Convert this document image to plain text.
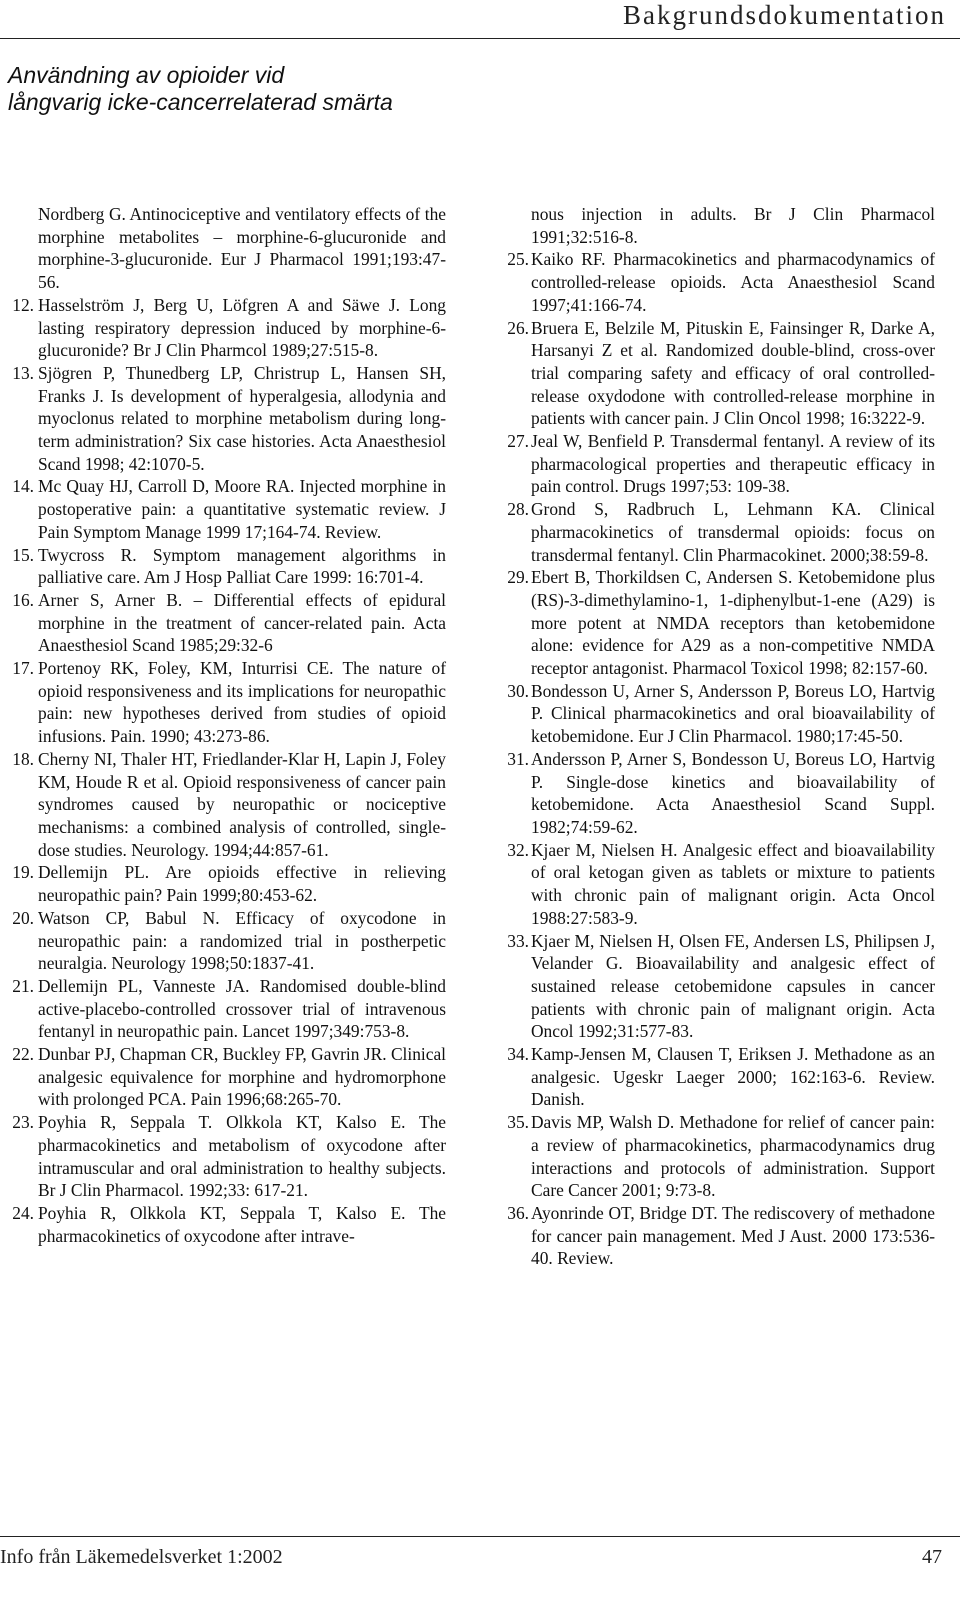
Bakgrundsdokumentation
Användning av opioider vid
långvarig icke-cancerrelaterad smärta
Nordberg G. Antinociceptive and ventilatory effects of the morphine metabolites – morphine-6-glucuronide and morphine-3-glucuronide. Eur J Pharmacol 1991;193:47-56.
12. Hasselström J, Berg U, Löfgren A and Säwe J. Long lasting respiratory depression induced by morphine-6-glucuronide? Br J Clin Pharmcol 1989;27:515-8.
13. Sjögren P, Thunedberg LP, Christrup L, Hansen SH, Franks J. Is development of hyperalgesia, allodynia and myoclonus related to morphine metabolism during long-term administration? Six case histories. Acta Anaesthesiol Scand 1998; 42:1070-5.
14. Mc Quay HJ, Carroll D, Moore RA. Injected morphine in postoperative pain: a quantitative systematic review. J Pain Symptom Manage 1999 17;164-74. Review.
15. Twycross R. Symptom management algorithms in palliative care. Am J Hosp Palliat Care 1999: 16:701-4.
16. Arner S, Arner B. – Differential effects of epidural morphine in the treatment of cancer-related pain. Acta Anaesthesiol Scand 1985;29:32-6
17. Portenoy RK, Foley, KM, Inturrisi CE. The nature of opioid responsiveness and its implications for neuropathic pain: new hypotheses derived from studies of opioid infusions. Pain. 1990; 43:273-86.
18. Cherny NI, Thaler HT, Friedlander-Klar H, Lapin J, Foley KM, Houde R et al. Opioid responsiveness of cancer pain syndromes caused by neuropathic or nociceptive mechanisms: a combined analysis of controlled, single-dose studies. Neurology. 1994;44:857-61.
19. Dellemijn PL. Are opioids effective in relieving neuropathic pain? Pain 1999;80:453-62.
20. Watson CP, Babul N. Efficacy of oxycodone in neuropathic pain: a randomized trial in postherpetic neuralgia. Neurology 1998;50:1837-41.
21. Dellemijn PL, Vanneste JA. Randomised double-blind active-placebo-controlled crossover trial of intravenous fentanyl in neuropathic pain. Lancet 1997;349:753-8.
22. Dunbar PJ, Chapman CR, Buckley FP, Gavrin JR. Clinical analgesic equivalence for morphine and hydromorphone with prolonged PCA. Pain 1996;68:265-70.
23. Poyhia R, Seppala T. Olkkola KT, Kalso E. The pharmacokinetics and metabolism of oxycodone after intramuscular and oral administration to healthy subjects. Br J Clin Pharmacol. 1992;33: 617-21.
24. Poyhia R, Olkkola KT, Seppala T, Kalso E. The pharmacokinetics of oxycodone after intrave-
nous injection in adults. Br J Clin Pharmacol 1991;32:516-8.
25. Kaiko RF. Pharmacokinetics and pharmacodynamics of controlled-release opioids. Acta Anaesthesiol Scand 1997;41:166-74.
26. Bruera E, Belzile M, Pituskin E, Fainsinger R, Darke A, Harsanyi Z et al. Randomized double-blind, cross-over trial comparing safety and efficacy of oral controlled-release oxydodone with controlled-release morphine in patients with cancer pain. J Clin Oncol 1998; 16:3222-9.
27. Jeal W, Benfield P. Transdermal fentanyl. A review of its pharmacological properties and therapeutic efficacy in pain control. Drugs 1997;53: 109-38.
28. Grond S, Radbruch L, Lehmann KA. Clinical pharmacokinetics of transdermal opioids: focus on transdermal fentanyl. Clin Pharmacokinet. 2000;38:59-8.
29. Ebert B, Thorkildsen C, Andersen S. Ketobemidone plus (RS)-3-dimethylamino-1, 1-diphenylbut-1-ene (A29) is more potent at NMDA receptors than ketobemidone alone: evidence for A29 as a non-competitive NMDA receptor antagonist. Pharmacol Toxicol 1998; 82:157-60.
30. Bondesson U, Arner S, Andersson P, Boreus LO, Hartvig P. Clinical pharmacokinetics and oral bioavailability of ketobemidone. Eur J Clin Pharmacol. 1980;17:45-50.
31. Andersson P, Arner S, Bondesson U, Boreus LO, Hartvig P. Single-dose kinetics and bioavailability of ketobemidone. Acta Anaesthesiol Scand Suppl. 1982;74:59-62.
32. Kjaer M, Nielsen H. Analgesic effect and bioavailability of oral ketogan given as tablets or mixture to patients with chronic pain of malignant origin. Acta Oncol 1988:27:583-9.
33. Kjaer M, Nielsen H, Olsen FE, Andersen LS, Philipsen J, Velander G. Bioavailability and analgesic effect of sustained release cetobemidone capsules in cancer patients with chronic pain of malignant origin. Acta Oncol 1992;31:577-83.
34. Kamp-Jensen M, Clausen T, Eriksen J. Methadone as an analgesic. Ugeskr Laeger 2000; 162:163-6. Review. Danish.
35. Davis MP, Walsh D. Methadone for relief of cancer pain: a review of pharmacokinetics, pharmacodynamics drug interactions and protocols of administration. Support Care Cancer 2001; 9:73-8.
36. Ayonrinde OT, Bridge DT. The rediscovery of methadone for cancer pain management. Med J Aust. 2000 173:536-40. Review.
Info från Läkemedelsverket 1:2002	47
